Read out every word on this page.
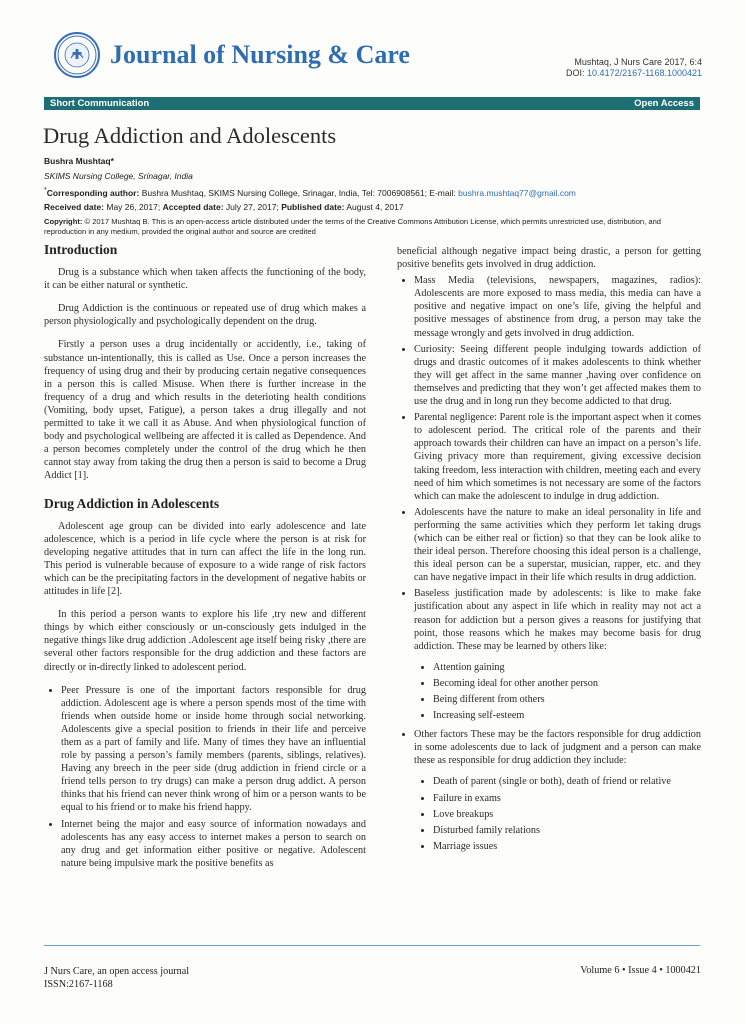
Journal of Nursing & Care	Mushtaq, J Nurs Care 2017, 6:4
DOI: 10.4172/2167-1168.1000421
Short Communication	Open Access
Drug Addiction and Adolescents
Bushra Mushtaq*
SKIMS Nursing College, Srinagar, India
*Corresponding author: Bushra Mushtaq, SKIMS Nursing College, Srinagar, India, Tel: 7006908561; E-mail: bushra.mushtaq77@gmail.com
Received date: May 26, 2017; Accepted date: July 27, 2017; Published date: August 4, 2017
Copyright: © 2017 Mushtaq B. This is an open-access article distributed under the terms of the Creative Commons Attribution License, which permits unrestricted use, distribution, and reproduction in any medium, provided the original author and source are credited
Introduction

Drug is a substance which when taken affects the functioning of the body, it can be either natural or synthetic.

Drug Addiction is the continuous or repeated use of drug which makes a person physiologically and psychologically dependent on the drug.

Firstly a person uses a drug incidentally or accidently, i.e., taking of substance un-intentionally, this is called as Use. Once a person increases the frequency of using drug and their by producing certain negative consequences in a person this is called Misuse. When there is further increase in the frequency of a drug and which results in the deterioting health conditions (Vomiting, body upset, Fatigue), a person takes a drug illegally and not permitted to take it we call it as Abuse. And when physiological function of body and psychological wellbeing are affected it is called as Dependence. And a person becomes completely under the control of the drug which he then cannot stay away from taking the drug then a person is said to become a Drug Addict [1].

Drug Addiction in Adolescents

Adolescent age group can be divided into early adolescence and late adolescence, which is a period in life cycle where the person is at risk for developing negative attitudes that in turn can affect the life in the long run. This period is vulnerable because of exposure to a wide range of risk factors which can be the precipitating factors in the development of negative habits or attitudes in life [2].

In this period a person wants to explore his life ,try new and different things by which either consciously or un-consciously gets indulged in the negative things like drug addiction .Adolescent age itself being risky ,there are several other factors responsible for the drug addiction and these factors are directly or in-directly linked to adolescent period.

• Peer Pressure is one of the important factors responsible for drug addiction. Adolescent age is where a person spends most of the time with friends when outside home or inside home through social networking. Adolescents give a special position to friends in their life and perceive them as a part of family and life. Many of times they have an influential role by passing a person’s family members (parents, siblings, relatives). Having any breech in the peer side (drug addiction in friend circle or a friend tells person to try drugs) can make a person drug addict. A person thinks that his friend can never think wrong of him or a person wants to be equal to his friend or to make his friend happy.
• Internet being the major and easy source of information nowadays and adolescents has any easy access to internet makes a person to search on any drug and get information either positive or negative. Adolescent nature being impulsive mark the positive benefits as
beneficial although negative impact being drastic, a person for getting positive benefits gets involved in drug addiction.
• Mass Media (televisions, newspapers, magazines, radios): Adolescents are more exposed to mass media, this media can have a positive and negative impact on one’s life, giving the helpful and positive messages of abstinence from drug, a person may take the message wrongly and gets involved in drug addiction.
• Curiosity: Seeing different people indulging towards addiction of drugs and drastic outcomes of it makes adolescents to think whether they will get affect in the same manner ,having over confidence on themselves and predicting that they won’t get affected makes them to use the drug and in long run they become addicted to that drug.
• Parental negligence: Parent role is the important aspect when it comes to adolescent period. The critical role of the parents and their approach towards their children can have an impact on a person’s life. Giving privacy more than requirement, giving excessive decision taking freedom, less interaction with children, meeting each and every need of him which sometimes is not necessary are some of the factors which can make the adolescent to indulge in drug addiction.
• Adolescents have the nature to make an ideal personality in life and performing the same activities which they perform let taking drugs (which can be either real or fiction) so that they can be look alike to their ideal person. Therefore choosing this ideal person is a challenge, this ideal person can be a superstar, musician, rapper, etc. and they can have negative impact in their life which results in drug addiction.
• Baseless justification made by adolescents: is like to make fake justification about any aspect in life which in reality may not act a reason for addiction but a person gives a reasons for justifying that point, those reasons which he makes may become basis for drug addiction. These may be learned by others like:
• Attention gaining
• Becoming ideal for other another person
• Being different from others
• Increasing self-esteem
• Other factors These may be the factors responsible for drug addiction in some adolescents due to lack of judgment and a person can make these as responsible for drug addiction they include:
• Death of parent (single or both), death of friend or relative
• Failure in exams
• Love breakups
• Disturbed family relations
• Marriage issues
J Nurs Care, an open access journal
ISSN:2167-1168
Volume 6 • Issue 4 • 1000421
